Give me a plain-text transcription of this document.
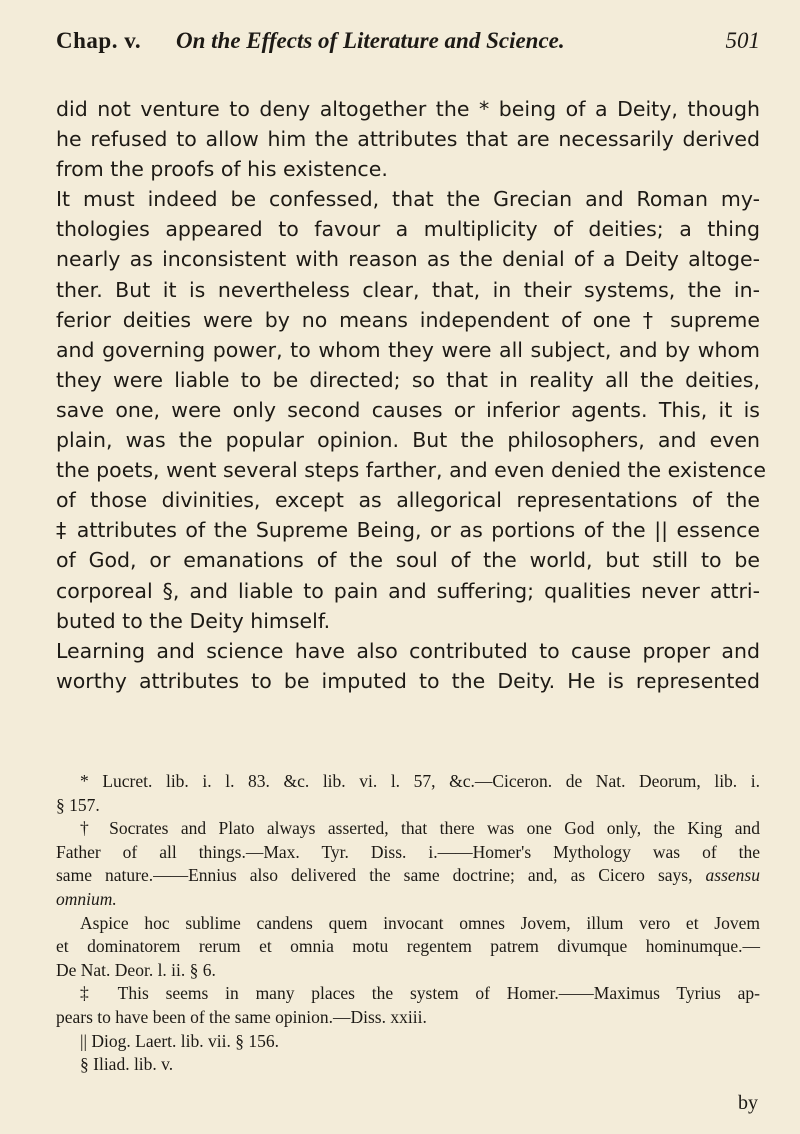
Chap. v. On the Effects of Literature and Science.	501
did not venture to deny altogether the * being of a Deity, though
he refused to allow him the attributes that are necessarily derived
from the proofs of his existence.
It must indeed be confessed, that the Grecian and Roman my-
thologies appeared to favour a multiplicity of deities; a thing
nearly as inconsistent with reason as the denial of a Deity altoge-
ther. But it is nevertheless clear, that, in their systems, the in-
ferior deities were by no means independent of one † supreme
and governing power, to whom they were all subject, and by whom
they were liable to be directed; so that in reality all the deities,
save one, were only second causes or inferior agents. This, it is
plain, was the popular opinion. But the philosophers, and even
the poets, went several steps farther, and even denied the existence
of those divinities, except as allegorical representations of the
‡ attributes of the Supreme Being, or as portions of the || essence
of God, or emanations of the soul of the world, but still to be
corporeal §, and liable to pain and suffering; qualities never attri-
buted to the Deity himself.
Learning and science have also contributed to cause proper and
worthy attributes to be imputed to the Deity. He is represented
* Lucret. lib. i. l. 83. &c. lib. vi. l. 57, &c.—Ciceron. de Nat. Deorum, lib. i.
§ 157.
† Socrates and Plato always asserted, that there was one God only, the King and
Father of all things.—Max. Tyr. Diss. i.——Homer's Mythology was of the
same nature.——Ennius also delivered the same doctrine; and, as Cicero says, assensu
omnium.
Aspice hoc sublime candens quem invocant omnes Jovem, illum vero et Jovem
et dominatorem rerum et omnia motu regentem patrem divumque hominumque.—
De Nat. Deor. l. ii. § 6.
‡ This seems in many places the system of Homer.——Maximus Tyrius ap-
pears to have been of the same opinion.—Diss. xxiii.
|| Diog. Laert. lib. vii. § 156.
§ Iliad. lib. v.
by
